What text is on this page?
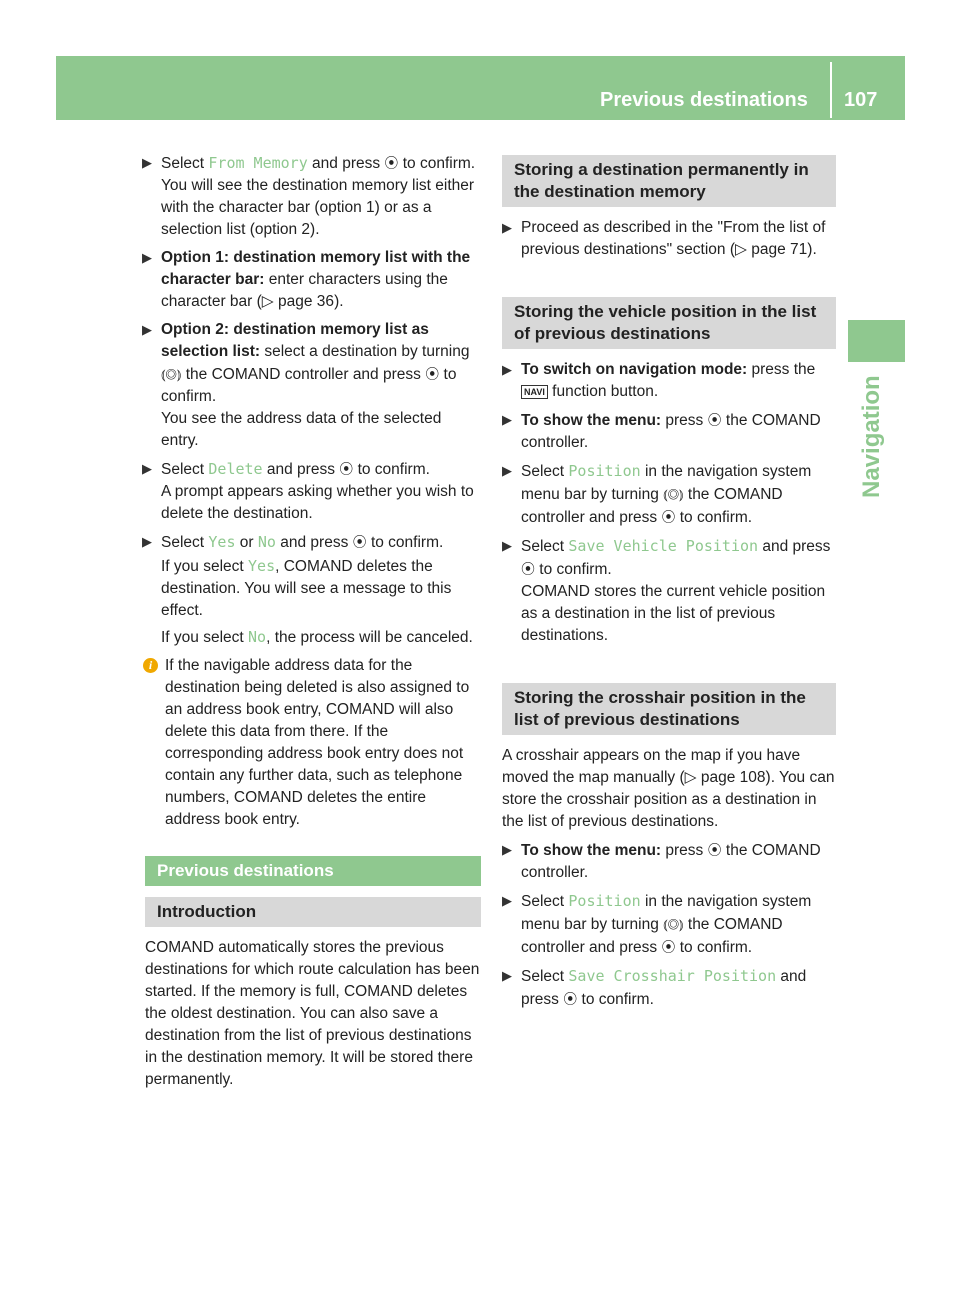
Previous destinations 107
Navigation
▶ Select From Memory and press ⦿ to confirm.
You will see the destination memory list either with the character bar (option 1) or as a selection list (option 2).
▶ Option 1: destination memory list with the character bar: enter characters using the character bar (▷ page 36).
▶ Option 2: destination memory list as selection list: select a destination by turning ⦅◎⦆ the COMAND controller and press ⦿ to confirm.
You see the address data of the selected entry.
▶ Select Delete and press ⦿ to confirm.
A prompt appears asking whether you wish to delete the destination.
▶ Select Yes or No and press ⦿ to confirm.
If you select Yes, COMAND deletes the destination. You will see a message to this effect.
If you select No, the process will be canceled.
i If the navigable address data for the destination being deleted is also assigned to an address book entry, COMAND will also delete this data from there. If the corresponding address book entry does not contain any further data, such as telephone numbers, COMAND deletes the entire address book entry.
Previous destinations
Introduction

COMAND automatically stores the previous destinations for which route calculation has been started. If the memory is full, COMAND deletes the oldest destination. You can also save a destination from the list of previous destinations in the destination memory. It will be stored there permanently.

Storing a destination permanently in the destination memory
▶ Proceed as described in the "From the list of previous destinations" section (▷ page 71).
Storing the vehicle position in the list of previous destinations
▶ To switch on navigation mode: press the NAVI function button.
▶ To show the menu: press ⦿ the COMAND controller.
▶ Select Position in the navigation system menu bar by turning ⦅◎⦆ the COMAND controller and press ⦿ to confirm.
▶ Select Save Vehicle Position and press
⦿ to confirm.
COMAND stores the current vehicle position as a destination in the list of previous destinations.
Storing the crosshair position in the list of previous destinations

A crosshair appears on the map if you have moved the map manually (▷ page 108). You can store the crosshair position as a destination in the list of previous destinations.

▶ To show the menu: press ⦿ the COMAND controller.
▶ Select Position in the navigation system menu bar by turning ⦅◎⦆ the COMAND controller and press ⦿ to confirm.
▶ Select Save Crosshair Position and press ⦿ to confirm.
